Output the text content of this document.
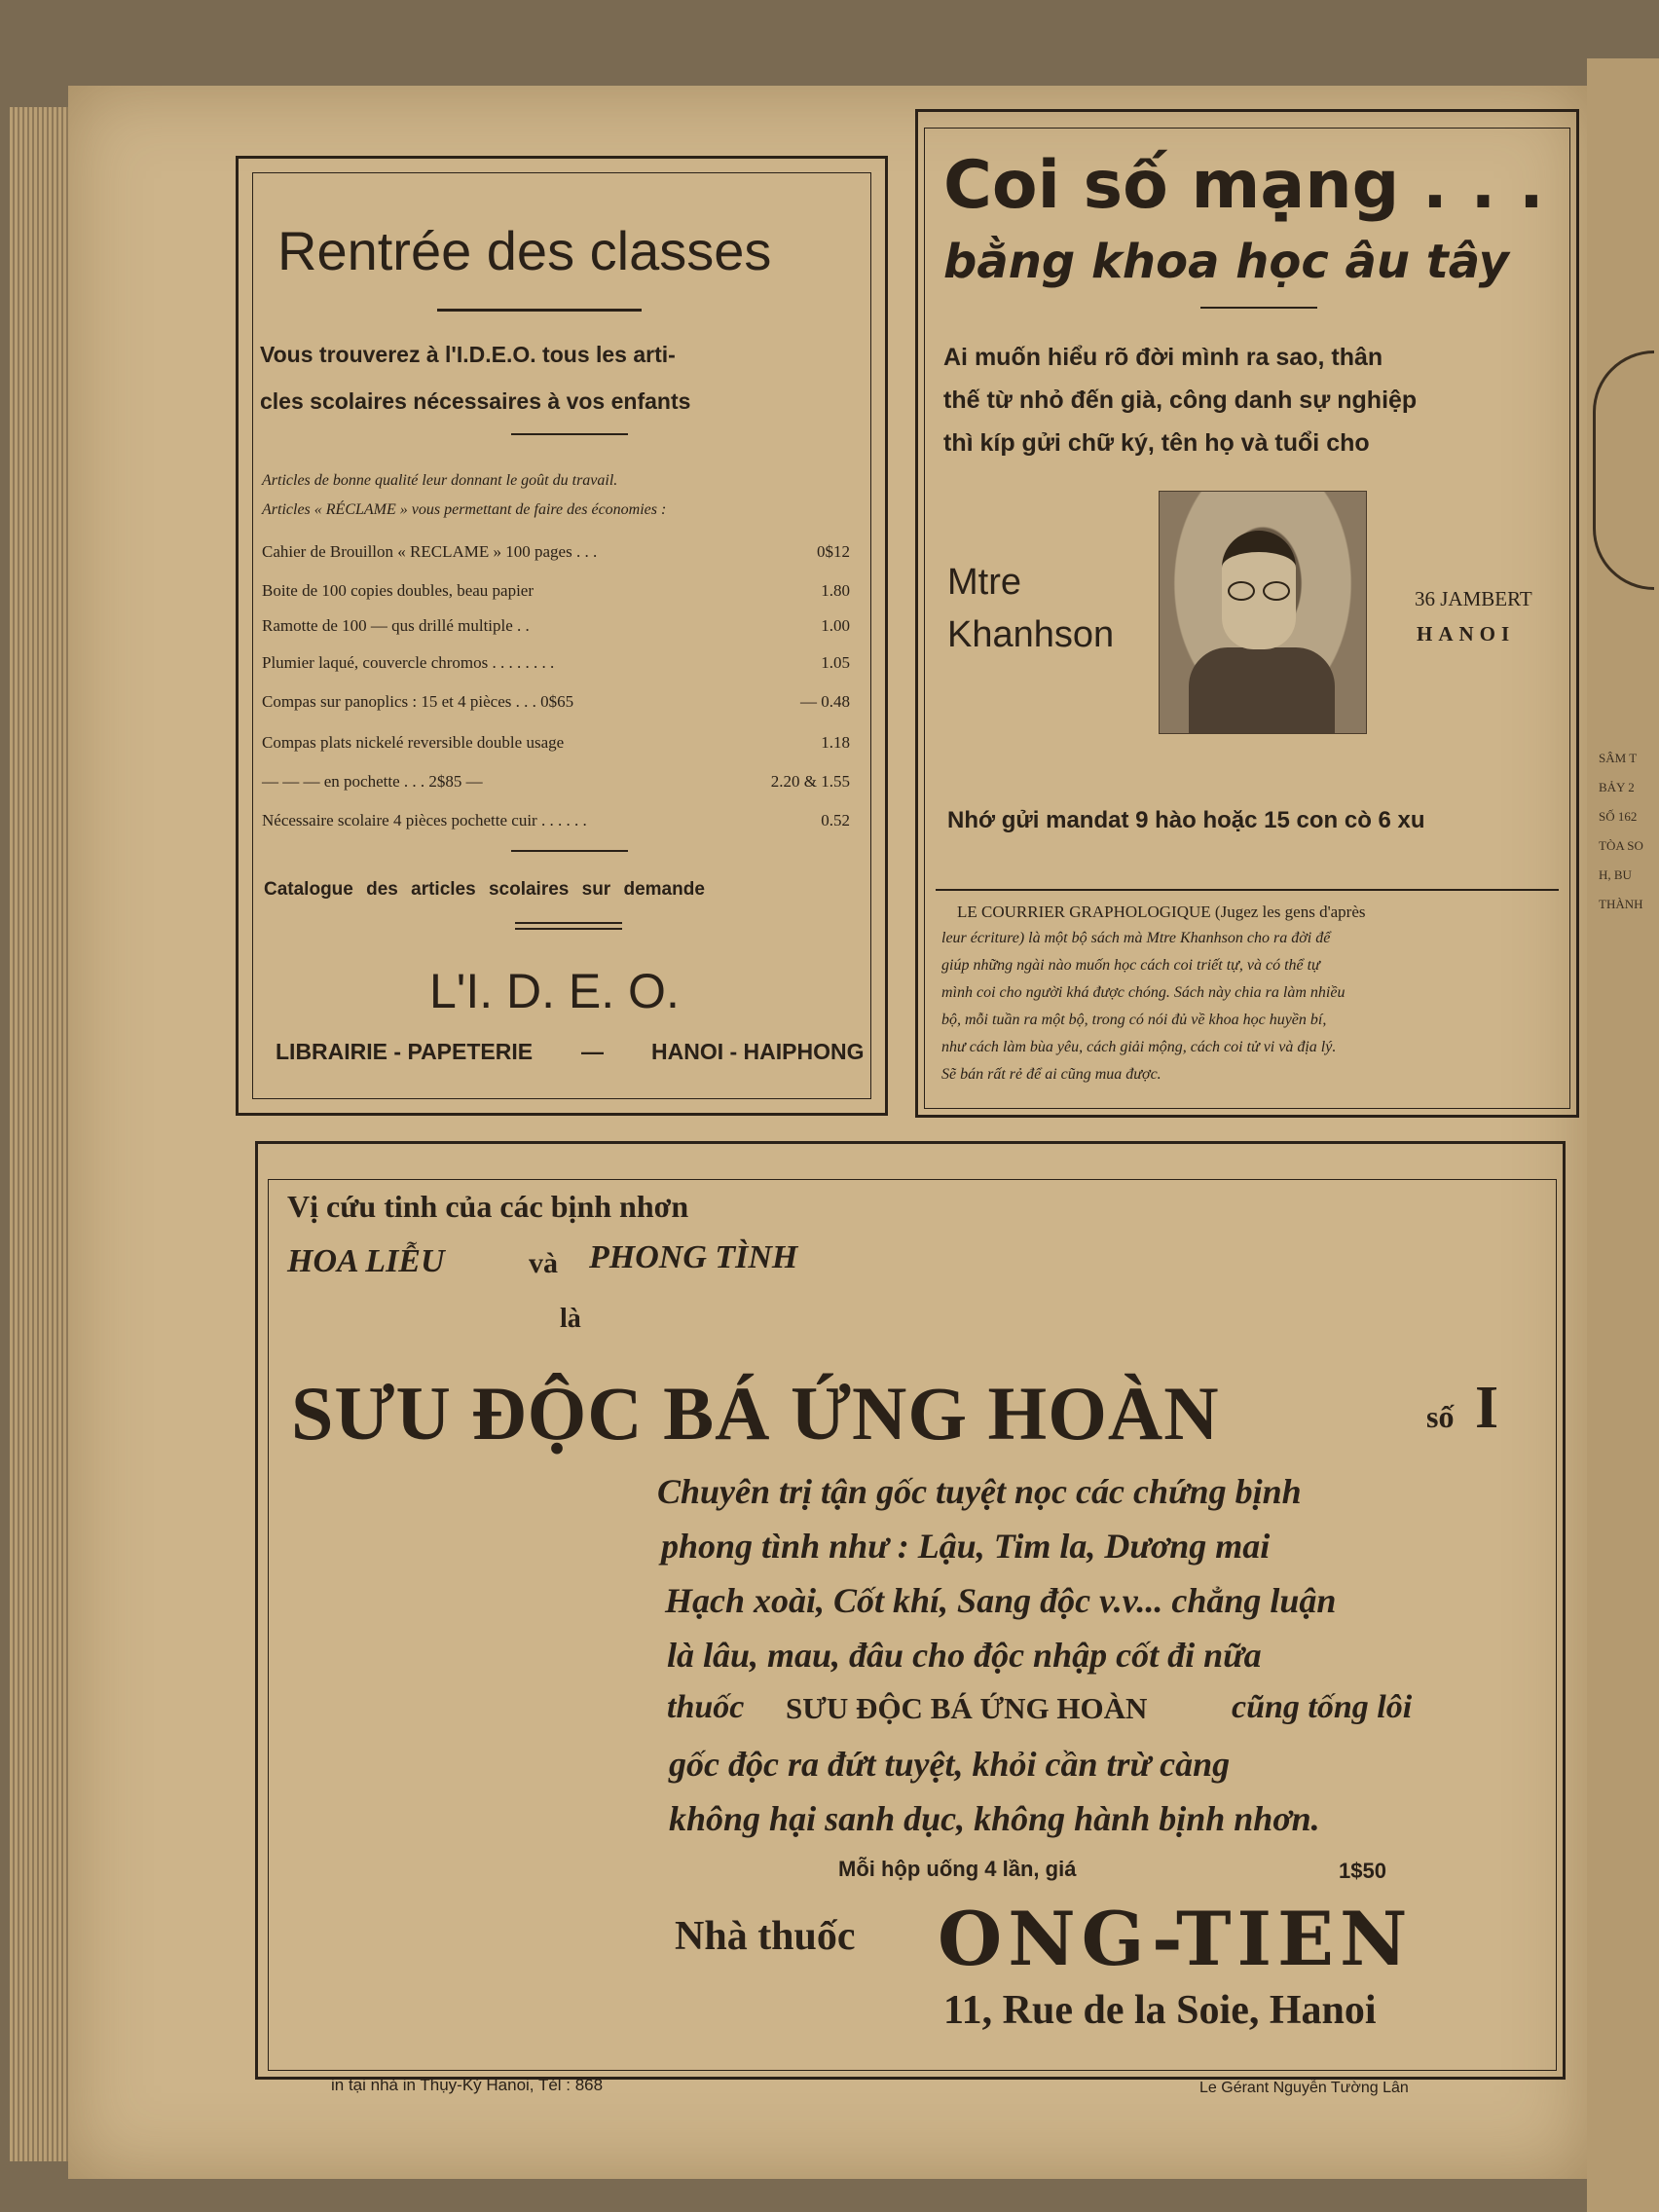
SÂM T
BẢY 2
SỐ 162
TÒA SO
H, BU
THÀNH
Rentrée des classes
Vous trouverez à l'I.D.E.O. tous les arti-
cles scolaires nécessaires à vos enfants
Articles de bonne qualité leur donnant le goût du travail.
Articles « RÉCLAME » vous permettant de faire des économies :
Cahier de Brouillon « RECLAME » 100 pages . . .	0$12
Boite de 100 copies doubles, beau papier	1.80
Ramotte de 100 — qus drillé multiple . .	1.00
Plumier laqué, couvercle chromos . . . . . . . .	1.05
Compas sur panoplics : 15 et 4 pièces . . . 0$65	— 0.48
Compas plats nickelé reversible double usage	1.18
— — — en pochette . . . 2$85 —	2.20 & 1.55
Nécessaire scolaire 4 pièces pochette cuir . . . . . .	0.52
Catalogue des articles scolaires sur demande
L'I. D. E. O.
LIBRAIRIE - PAPETERIE — HANOI - HAIPHONG
Coi số mạng . . .
bằng khoa học âu tây
Ai muốn hiểu rõ đời mình ra sao, thân
thế từ nhỏ đến già, công danh sự nghiệp
thì kíp gửi chữ ký, tên họ và tuổi cho
Mtre
Khanhson
36 JAMBERT
HANOI
Nhớ gửi mandat 9 hào hoặc 15 con cò 6 xu
LE COURRIER GRAPHOLOGIQUE (Jugez les gens d'après
leur écriture) là một bộ sách mà Mtre Khanhson cho ra đời để
giúp những ngài nào muốn học cách coi triết tự, và có thể tự
mình coi cho người khá được chóng. Sách này chia ra làm nhiều
bộ, mỗi tuần ra một bộ, trong có nói đủ về khoa học huyền bí,
như cách làm bùa yêu, cách giải mộng, cách coi tử vi và địa lý.
Sẽ bán rất rẻ để ai cũng mua được.
Vị cứu tinh của các bịnh nhơn
HOA LIỄU	và PHONG TÌNH
là
SƯU ĐỘC BÁ ỨNG HOÀN	số I
Chuyên trị tận gốc tuyệt nọc các chứng bịnh
phong tình như : Lậu, Tim la, Dương mai
Hạch xoài, Cốt khí, Sang độc v.v... chẳng luận
là lâu, mau, đâu cho độc nhập cốt đi nữa
thuốc SƯU ĐỘC BÁ ỨNG HOÀN	cũng tống lôi
gốc độc ra đứt tuyệt, khỏi cần trừ càng
không hại sanh dục, không hành bịnh nhơn.
Mỗi hộp uống 4 lần, giá	1$50
Nhà thuốc ONG-TIEN
11, Rue de la Soie, Hanoi
in tại nhà in Thụy-Ký Hanoi, Tél : 868	Le Gérant Nguyễn Tường Lân
